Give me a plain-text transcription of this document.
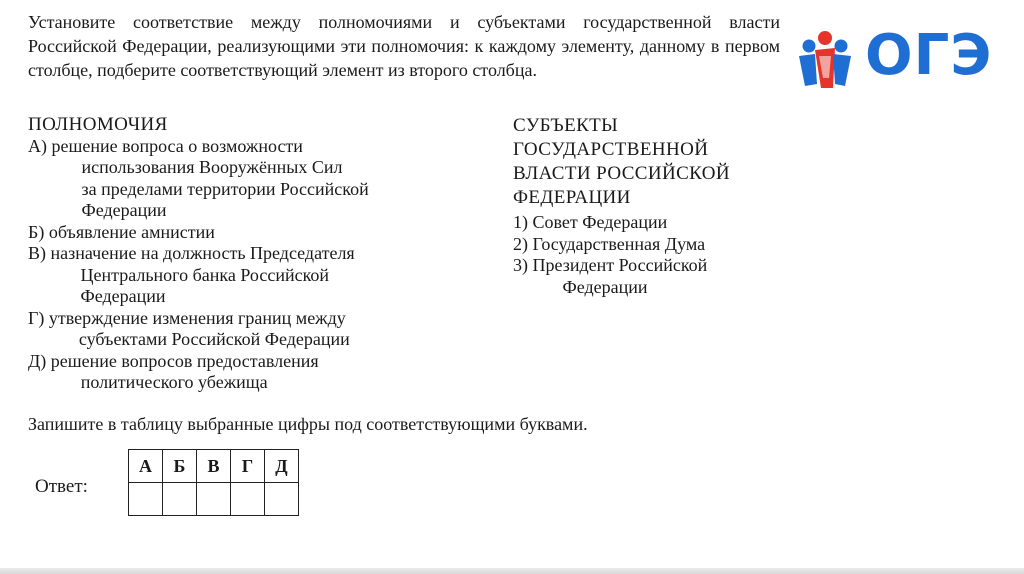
Установите соответствие между полномочиями и субъектами государственной власти Российской Федерации, реализующими эти полномочия: к каждому элементу, данному в первом столбце, подберите соответствующий элемент из второго столбца.
ПОЛНОМОЧИЯ
А) решение вопроса о возможности
использования Вооружённых Сил
за пределами территории Российской
Федерации
Б) объявление амнистии
В) назначение на должность Председателя
Центрального банка Российской
Федерации
Г) утверждение изменения границ между
субъектами Российской Федерации
Д) решение вопросов предоставления
политического убежища
СУБЪЕКТЫ
ГОСУДАРСТВЕННОЙ
ВЛАСТИ РОССИЙСКОЙ
ФЕДЕРАЦИИ
1) Совет Федерации
2) Государственная Дума
3) Президент Российской
Федерации
Запишите в таблицу выбранные цифры под соответствующими буквами.
Ответ:
А	Б	В	Г	Д

ОГЭ
